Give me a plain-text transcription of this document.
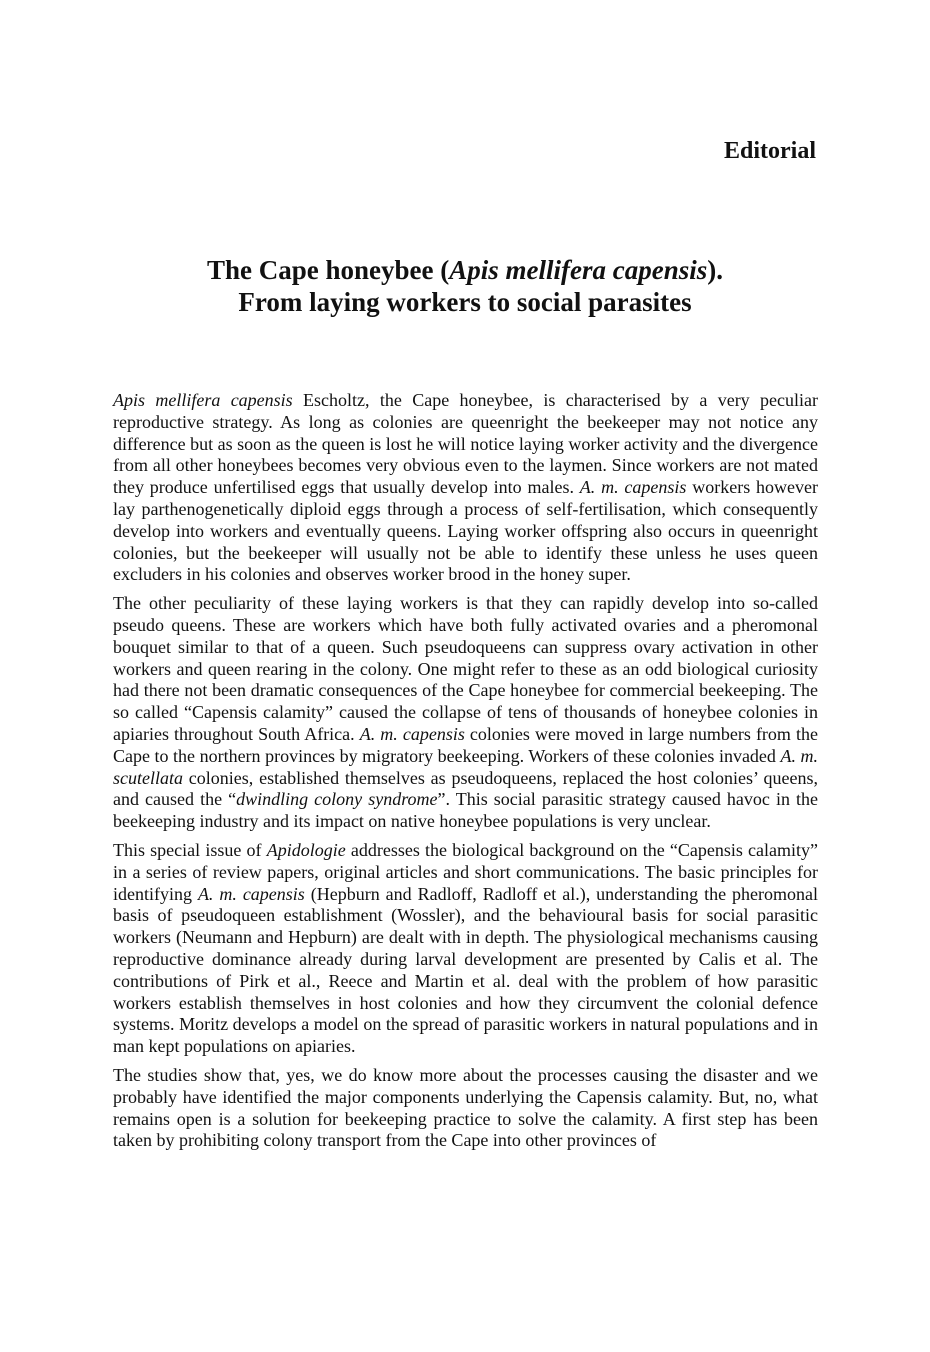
Editorial
The Cape honeybee (Apis mellifera capensis).
From laying workers to social parasites

Apis mellifera capensis Escholtz, the Cape honeybee, is characterised by a very peculiar reproductive strategy. As long as colonies are queenright the beekeeper may not notice any difference but as soon as the queen is lost he will notice laying worker activity and the divergence from all other honeybees becomes very obvious even to the laymen. Since workers are not mated they produce unfertilised eggs that usually develop into males. A. m. capensis workers however lay parthenogenetically diploid eggs through a process of self-fertilisation, which consequently develop into workers and eventually queens. Laying worker offspring also occurs in queenright colonies, but the beekeeper will usually not be able to identify these unless he uses queen excluders in his colonies and observes worker brood in the honey super.

The other peculiarity of these laying workers is that they can rapidly develop into so-called pseudo queens. These are workers which have both fully activated ovaries and a pheromonal bouquet similar to that of a queen. Such pseudoqueens can suppress ovary activation in other workers and queen rearing in the colony. One might refer to these as an odd biological curiosity had there not been dramatic consequences of the Cape honeybee for commercial beekeeping. The so called “Capensis calamity” caused the collapse of tens of thousands of honeybee colonies in apiaries throughout South Africa. A. m. capensis colonies were moved in large numbers from the Cape to the northern provinces by migratory beekeeping. Workers of these colonies invaded A. m. scutellata colonies, established themselves as pseudoqueens, replaced the host colonies’ queens, and caused the “dwindling colony syndrome”. This social parasitic strategy caused havoc in the beekeeping industry and its impact on native honeybee populations is very unclear.

This special issue of Apidologie addresses the biological background on the “Capensis calamity” in a series of review papers, original articles and short communications. The basic principles for identifying A. m. capensis (Hepburn and Radloff, Radloff et al.), understanding the pheromonal basis of pseudoqueen establishment (Wossler), and the behavioural basis for social parasitic workers (Neumann and Hepburn) are dealt with in depth. The physiological mechanisms causing reproductive dominance already during larval development are presented by Calis et al. The contributions of Pirk et al., Reece and Martin et al. deal with the problem of how parasitic workers establish themselves in host colonies and how they circumvent the colonial defence systems. Moritz develops a model on the spread of parasitic workers in natural populations and in man kept populations on apiaries.

The studies show that, yes, we do know more about the processes causing the disaster and we probably have identified the major components underlying the Capensis calamity. But, no, what remains open is a solution for beekeeping practice to solve the calamity. A first step has been taken by prohibiting colony transport from the Cape into other provinces of
